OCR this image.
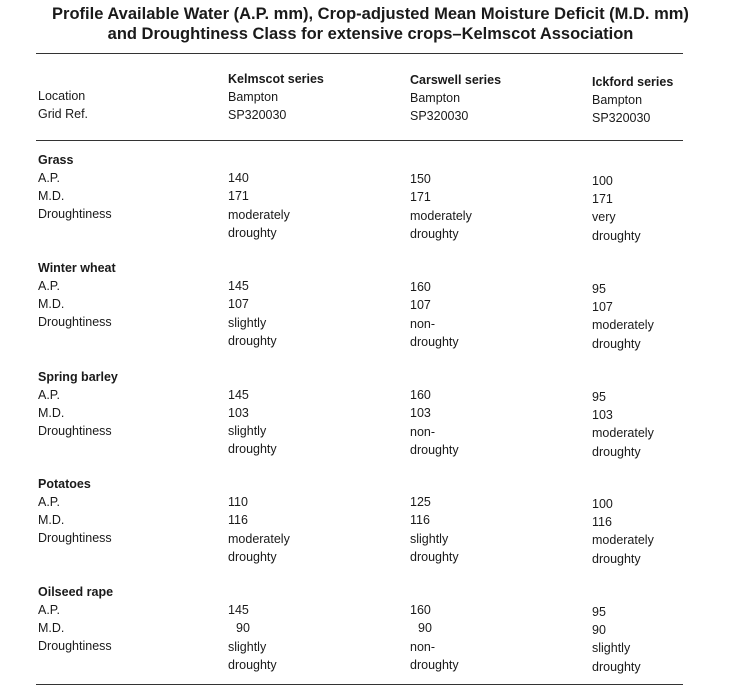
Profile Available Water (A.P. mm), Crop-adjusted Mean Moisture Deficit (M.D. mm)
and Droughtiness Class for extensive crops–Kelmscot Association
Location
Grid Ref.
Kelmscot series
Bampton
SP320030
Carswell series
Bampton
SP320030
Ickford series
Bampton
SP320030
Grass
A.P.
M.D.
Droughtiness
140
171
moderately
droughty
150
171
moderately
droughty
100
171
very
droughty
Winter wheat
A.P.
M.D.
Droughtiness
145
107
slightly
droughty
160
107
non-
droughty
95
107
moderately
droughty
Spring barley
A.P.
M.D.
Droughtiness
145
103
slightly
droughty
160
103
non-
droughty
95
103
moderately
droughty
Potatoes
A.P.
M.D.
Droughtiness
110
116
moderately
droughty
125
116
slightly
droughty
100
116
moderately
droughty
Oilseed rape
A.P.
M.D.
Droughtiness
145
90
slightly
droughty
160
90
non-
droughty
95
90
slightly
droughty
